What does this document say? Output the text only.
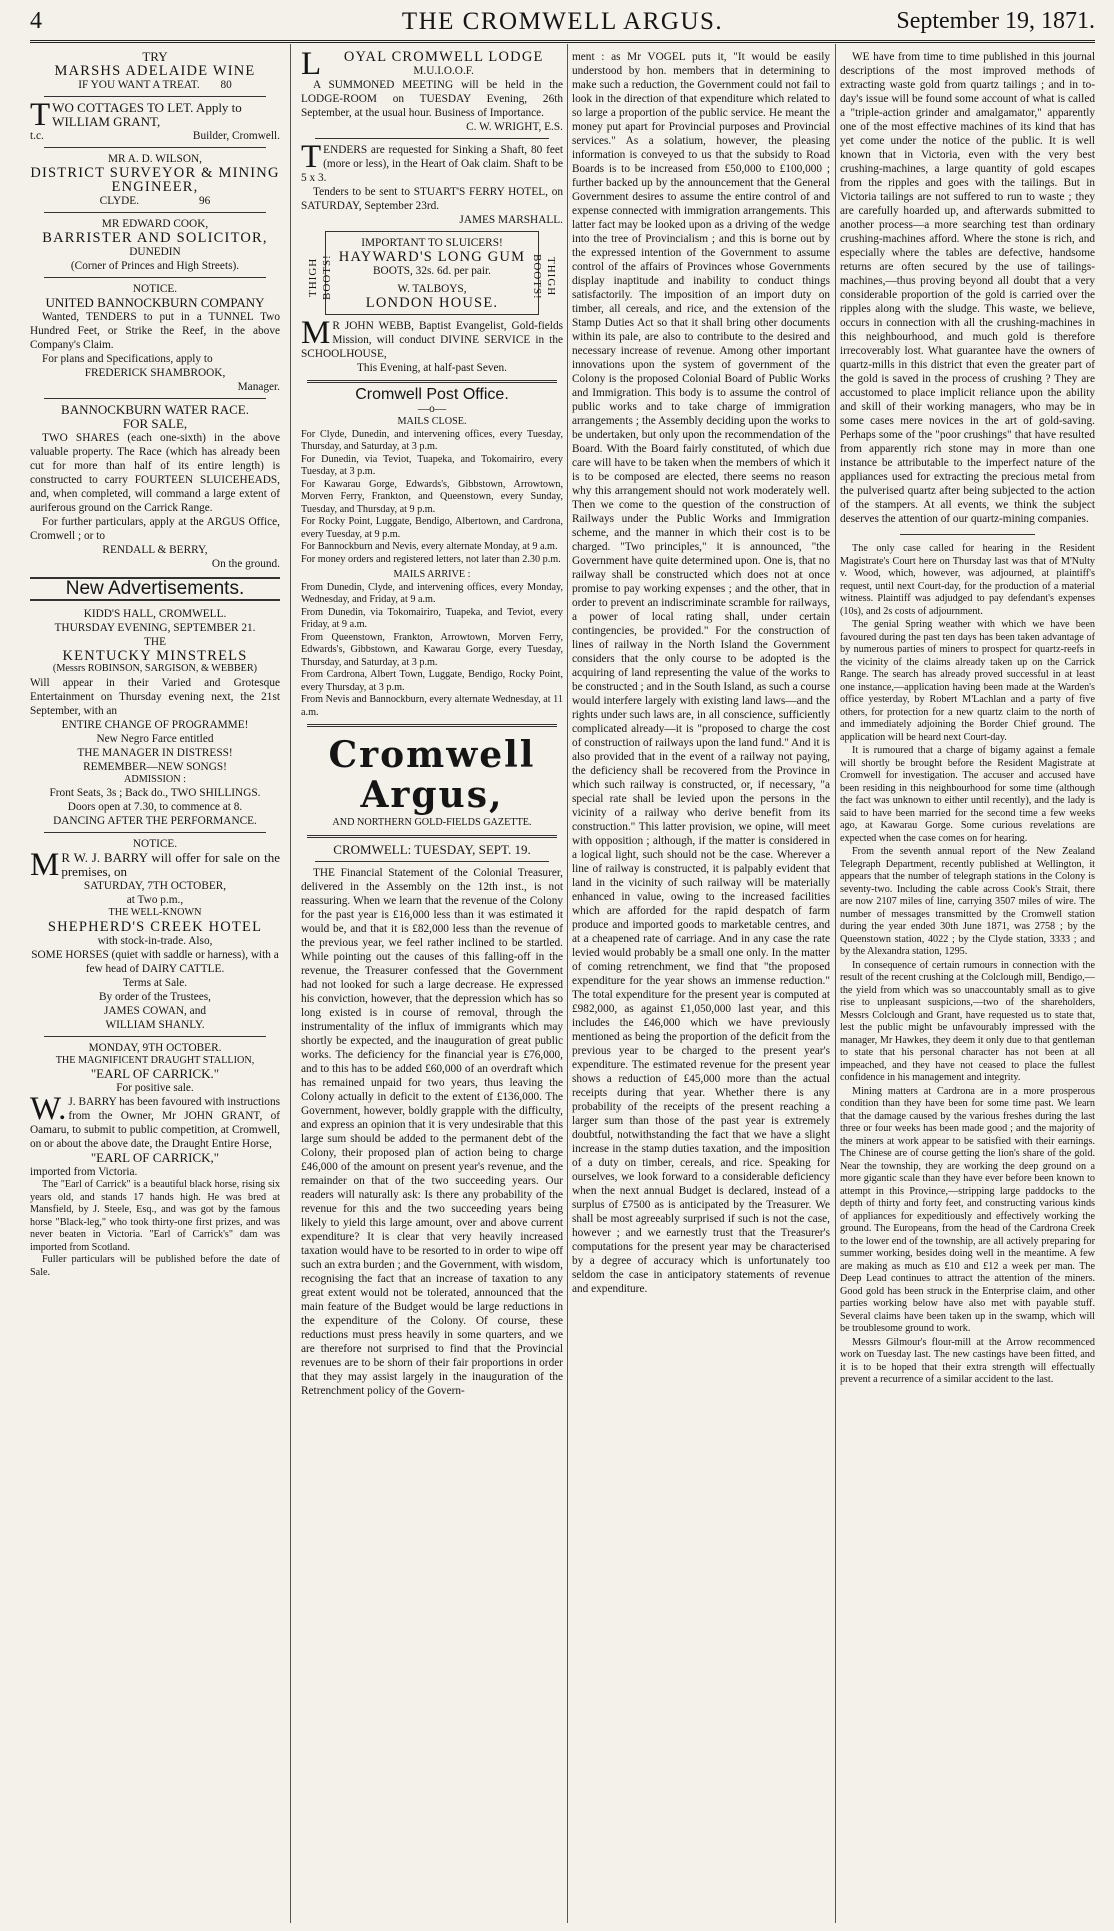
4	THE CROMWELL ARGUS.	September 19, 1871.
TRY
MARSHS ADELAIDE WINE
IF YOU WANT A TREAT. 80
TWO COTTAGES TO LET. Apply to WILLIAM GRANT,
t.c.	Builder, Cromwell.
MR A. D. WILSON,
DISTRICT SURVEYOR & MINING ENGINEER,
CLYDE.	96
MR EDWARD COOK,
BARRISTER AND SOLICITOR,
DUNEDIN
(Corner of Princes and High Streets).
NOTICE.
UNITED BANNOCKBURN COMPANY
Wanted, TENDERS to put in a TUNNEL Two Hundred Feet, or Strike the Reef, in the above Company's Claim.
For plans and Specifications, apply to
FREDERICK SHAMBROOK,
Manager.
BANNOCKBURN WATER RACE.
FOR SALE,
TWO SHARES (each one-sixth) in the above valuable property. The Race (which has already been cut for more than half of its entire length) is constructed to carry FOURTEEN SLUICEHEADS, and, when completed, will command a large extent of auriferous ground on the Carrick Range.
For further particulars, apply at the ARGUS Office, Cromwell ; or to
RENDALL & BERRY,
On the ground.
New Advertisements.
KIDD'S HALL, CROMWELL.
THURSDAY EVENING, SEPTEMBER 21.
THE
KENTUCKY MINSTRELS
(Messrs ROBINSON, SARGISON, & WEBBER)
Will appear in their Varied and Grotesque Entertainment on Thursday evening next, the 21st September, with an
ENTIRE CHANGE OF PROGRAMME!
New Negro Farce entitled
THE MANAGER IN DISTRESS!
REMEMBER—NEW SONGS!
ADMISSION :
Front Seats, 3s ; Back do., TWO SHILLINGS.
Doors open at 7.30, to commence at 8.
DANCING AFTER THE PERFORMANCE.
NOTICE.
MR W. J. BARRY will offer for sale on the premises, on
SATURDAY, 7TH OCTOBER,
at Two p.m.,
THE WELL-KNOWN
SHEPHERD'S CREEK HOTEL
with stock-in-trade. Also,
SOME HORSES (quiet with saddle or harness), with a few head of DAIRY CATTLE.
Terms at Sale.
By order of the Trustees,
JAMES COWAN, and
WILLIAM SHANLY.
MONDAY, 9TH OCTOBER.
THE MAGNIFICENT DRAUGHT STALLION,
"EARL OF CARRICK."
For positive sale.
W.J. BARRY has been favoured with instructions from the Owner, Mr JOHN GRANT, of Oamaru, to submit to public competition, at Cromwell, on or about the above date, the Draught Entire Horse,
"EARL OF CARRICK,"
imported from Victoria.
The "Earl of Carrick" is a beautiful black horse, rising six years old, and stands 17 hands high. He was bred at Mansfield, by J. Steele, Esq., and was got by the famous horse "Black-leg," who took thirty-one first prizes, and was never beaten in Victoria. "Earl of Carrick's" dam was imported from Scotland.
Fuller particulars will be published before the date of Sale.
LOYAL CROMWELL LODGE
M.U.I.O.O.F.
A SUMMONED MEETING will be held in the LODGE-ROOM on TUESDAY Evening, 26th September, at the usual hour. Business of Importance.
C. W. WRIGHT, E.S.
TENDERS are requested for Sinking a Shaft, 80 feet (more or less), in the Heart of Oak claim. Shaft to be 5 x 3.
Tenders to be sent to STUART'S FERRY HOTEL, on SATURDAY, September 23rd.
JAMES MARSHALL.
THIGH BOOTS!	THIGH BOOTS!
IMPORTANT TO SLUICERS!
HAYWARD'S LONG GUM
BOOTS, 32s. 6d. per pair.
W. TALBOYS,
LONDON HOUSE.
MR JOHN WEBB, Baptist Evangelist, Gold-fields Mission, will conduct DIVINE SERVICE in the SCHOOLHOUSE,
This Evening, at half-past Seven.
Cromwell Post Office.
—o—
MAILS CLOSE.
For Clyde, Dunedin, and intervening offices, every Tuesday, Thursday, and Saturday, at 3 p.m.
For Dunedin, via Teviot, Tuapeka, and Tokomairiro, every Tuesday, at 3 p.m.
For Kawarau Gorge, Edwards's, Gibbstown, Arrowtown, Morven Ferry, Frankton, and Queenstown, every Sunday, Tuesday, and Thursday, at 9 p.m.
For Rocky Point, Luggate, Bendigo, Albertown, and Cardrona, every Tuesday, at 9 p.m.
For Bannockburn and Nevis, every alternate Monday, at 9 a.m.
For money orders and registered letters, not later than 2.30 p.m.
MAILS ARRIVE :
From Dunedin, Clyde, and intervening offices, every Monday, Wednesday, and Friday, at 9 a.m.
From Dunedin, via Tokomairiro, Tuapeka, and Teviot, every Friday, at 9 a.m.
From Queenstown, Frankton, Arrowtown, Morven Ferry, Edwards's, Gibbstown, and Kawarau Gorge, every Tuesday, Thursday, and Saturday, at 3 p.m.
From Cardrona, Albert Town, Luggate, Bendigo, Rocky Point, every Thursday, at 3 p.m.
From Nevis and Bannockburn, every alternate Wednesday, at 11 a.m.
Cromwell Argus,
AND NORTHERN GOLD-FIELDS GAZETTE.
CROMWELL: TUESDAY, SEPT. 19.
THE Financial Statement of the Colonial Treasurer, delivered in the Assembly on the 12th inst., is not reassuring. When we learn that the revenue of the Colony for the past year is £16,000 less than it was estimated it would be, and that it is £82,000 less than the revenue of the previous year, we feel rather inclined to be startled. While pointing out the causes of this falling-off in the revenue, the Treasurer confessed that the Government had not looked for such a large decrease. He expressed his conviction, however, that the depression which has so long existed is in course of removal, through the instrumentality of the influx of immigrants which may shortly be expected, and the inauguration of great public works. The deficiency for the financial year is £76,000, and to this has to be added £60,000 of an overdraft which has remained unpaid for two years, thus leaving the Colony actually in deficit to the extent of £136,000. The Government, however, boldly grapple with the difficulty, and express an opinion that it is very undesirable that this large sum should be added to the permanent debt of the Colony, their proposed plan of action being to charge £46,000 of the amount on present year's revenue, and the remainder on that of the two succeeding years. Our readers will naturally ask: Is there any probability of the revenue for this and the two succeeding years being likely to yield this large amount, over and above current expenditure? It is clear that very heavily increased taxation would have to be resorted to in order to wipe off such an extra burden ; and the Government, with wisdom, recognising the fact that an increase of taxation to any great extent would not be tolerated, announced that the main feature of the Budget would be large reductions in the expenditure of the Colony. Of course, these reductions must press heavily in some quarters, and we are therefore not surprised to find that the Provincial revenues are to be shorn of their fair proportions in order that they may assist largely in the inauguration of the Retrenchment policy of the Govern-
ment : as Mr VOGEL puts it, "It would be easily understood by hon. members that in determining to make such a reduction, the Government could not fail to look in the direction of that expenditure which related to so large a proportion of the public service. He meant the money put apart for Provincial purposes and Provincial services." As a solatium, however, the pleasing information is conveyed to us that the subsidy to Road Boards is to be increased from £50,000 to £100,000 ; further backed up by the announcement that the General Government desires to assume the entire control of and expense connected with immigration arrangements. This latter fact may be looked upon as a driving of the wedge into the tree of Provincialism ; and this is borne out by the expressed intention of the Government to assume control of the affairs of Provinces whose Governments display inaptitude and inability to conduct things satisfactorily. The imposition of an import duty on timber, all cereals, and rice, and the extension of the Stamp Duties Act so that it shall bring other documents within its pale, are also to contribute to the desired and necessary increase of revenue. Among other important innovations upon the system of government of the Colony is the proposed Colonial Board of Public Works and Immigration. This body is to assume the control of public works and to take charge of immigration arrangements ; the Assembly deciding upon the works to be undertaken, but only upon the recommendation of the Board. With the Board fairly constituted, of which due care will have to be taken when the members of which it is to be composed are elected, there seems no reason why this arrangement should not work moderately well. Then we come to the question of the construction of Railways under the Public Works and Immigration scheme, and the manner in which their cost is to be charged. "Two principles," it is announced, "the Government have quite determined upon. One is, that no railway shall be constructed which does not at once promise to pay working expenses ; and the other, that in order to prevent an indiscriminate scramble for railways, a power of local rating shall, under certain contingencies, be provided." For the construction of lines of railway in the North Island the Government considers that the only course to be adopted is the acquiring of land representing the value of the works to be constructed ; and in the South Island, as such a course would interfere largely with existing land laws—and the rights under such laws are, in all conscience, sufficiently complicated already—it is "proposed to charge the cost of construction of railways upon the land fund." And it is also provided that in the event of a railway not paying, the deficiency shall be recovered from the Province in which such railway is constructed, or, if necessary, "a special rate shall be levied upon the persons in the vicinity of a railway who derive benefit from its construction." This latter provision, we opine, will meet with opposition ; although, if the matter is considered in a logical light, such should not be the case. Wherever a line of railway is constructed, it is palpably evident that land in the vicinity of such railway will be materially enhanced in value, owing to the increased facilities which are afforded for the rapid despatch of farm produce and imported goods to marketable centres, and at a cheapened rate of carriage. And in any case the rate levied would probably be a small one only. In the matter of coming retrenchment, we find that "the proposed expenditure for the year shows an immense reduction." The total expenditure for the present year is computed at £982,000, as against £1,050,000 last year, and this includes the £46,000 which we have previously mentioned as being the proportion of the deficit from the previous year to be charged to the present year's expenditure. The estimated revenue for the present year shows a reduction of £45,000 more than the actual receipts during that year. Whether there is any probability of the receipts of the present reaching a larger sum than those of the past year is extremely doubtful, notwithstanding the fact that we have a slight increase in the stamp duties taxation, and the imposition of a duty on timber, cereals, and rice. Speaking for ourselves, we look forward to a considerable deficiency when the next annual Budget is declared, instead of a surplus of £7500 as is anticipated by the Treasurer. We shall be most agreeably surprised if such is not the case, however ; and we earnestly trust that the Treasurer's computations for the present year may be characterised by a degree of accuracy which is unfortunately too seldom the case in anticipatory statements of revenue and expenditure.
WE have from time to time published in this journal descriptions of the most improved methods of extracting waste gold from quartz tailings ; and in to-day's issue will be found some account of what is called a "triple-action grinder and amalgamator," apparently one of the most effective machines of its kind that has yet come under the notice of the public. It is well known that in Victoria, even with the very best crushing-machines, a large quantity of gold escapes from the ripples and goes with the tailings. But in Victoria tailings are not suffered to run to waste ; they are carefully hoarded up, and afterwards submitted to another process—a more searching test than ordinary crushing-machines afford. Where the stone is rich, and especially where the tables are defective, handsome returns are often secured by the use of tailings-machines,—thus proving beyond all doubt that a very considerable proportion of the gold is carried over the ripples along with the sludge. This waste, we believe, occurs in connection with all the crushing-machines in this neighbourhood, and much gold is therefore irrecoverably lost. What guarantee have the owners of quartz-mills in this district that even the greater part of the gold is saved in the process of crushing ? They are accustomed to place implicit reliance upon the ability and skill of their working managers, who may be in some cases mere novices in the art of gold-saving. Perhaps some of the "poor crushings" that have resulted from apparently rich stone may in more than one instance be attributable to the imperfect nature of the appliances used for extracting the precious metal from the pulverised quartz after being subjected to the action of the stampers. At all events, we think the subject deserves the attention of our quartz-mining companies.
The only case called for hearing in the Resident Magistrate's Court here on Thursday last was that of M'Nulty v. Wood, which, however, was adjourned, at plaintiff's request, until next Court-day, for the production of a material witness. Plaintiff was adjudged to pay defendant's expenses (10s), and 2s costs of adjournment.
The genial Spring weather with which we have been favoured during the past ten days has been taken advantage of by numerous parties of miners to prospect for quartz-reefs in the vicinity of the claims already taken up on the Carrick Range. The search has already proved successful in at least one instance,—application having been made at the Warden's office yesterday, by Robert M'Lachlan and a party of five others, for protection for a new quartz claim to the north of and immediately adjoining the Border Chief ground. The application will be heard next Court-day.
It is rumoured that a charge of bigamy against a female will shortly be brought before the Resident Magistrate at Cromwell for investigation. The accuser and accused have been residing in this neighbourhood for some time (although the fact was unknown to either until recently), and the lady is said to have been married for the second time a few weeks ago, at Kawarau Gorge. Some curious revelations are expected when the case comes on for hearing.
From the seventh annual report of the New Zealand Telegraph Department, recently published at Wellington, it appears that the number of telegraph stations in the Colony is seventy-two. Including the cable across Cook's Strait, there are now 2107 miles of line, carrying 3507 miles of wire. The number of messages transmitted by the Cromwell station during the year ended 30th June 1871, was 2758 ; by the Queenstown station, 4022 ; by the Clyde station, 3333 ; and by the Alexandra station, 1295.
In consequence of certain rumours in connection with the result of the recent crushing at the Colclough mill, Bendigo,—the yield from which was so unaccountably small as to give rise to unpleasant suspicions,—two of the shareholders, Messrs Colclough and Grant, have requested us to state that, lest the public might be unfavourably impressed with the manager, Mr Hawkes, they deem it only due to that gentleman to state that his personal character has not been at all impeached, and they have not ceased to place the fullest confidence in his management and integrity.
Mining matters at Cardrona are in a more prosperous condition than they have been for some time past. We learn that the damage caused by the various freshes during the last three or four weeks has been made good ; and the majority of the miners at work appear to be satisfied with their earnings. The Chinese are of course getting the lion's share of the gold. Near the township, they are working the deep ground on a more gigantic scale than they have ever before been known to attempt in this Province,—stripping large paddocks to the depth of thirty and forty feet, and constructing various kinds of appliances for expeditiously and effectively working the ground. The Europeans, from the head of the Cardrona Creek to the lower end of the township, are all actively preparing for summer working, besides doing well in the meantime. A few are making as much as £10 and £12 a week per man. The Deep Lead continues to attract the attention of the miners. Good gold has been struck in the Enterprise claim, and other parties working below have also met with payable stuff. Several claims have been taken up in the swamp, which will be troublesome ground to work.
Messrs Gilmour's flour-mill at the Arrow recommenced work on Tuesday last. The new castings have been fitted, and it is to be hoped that their extra strength will effectually prevent a recurrence of a similar accident to the last.
